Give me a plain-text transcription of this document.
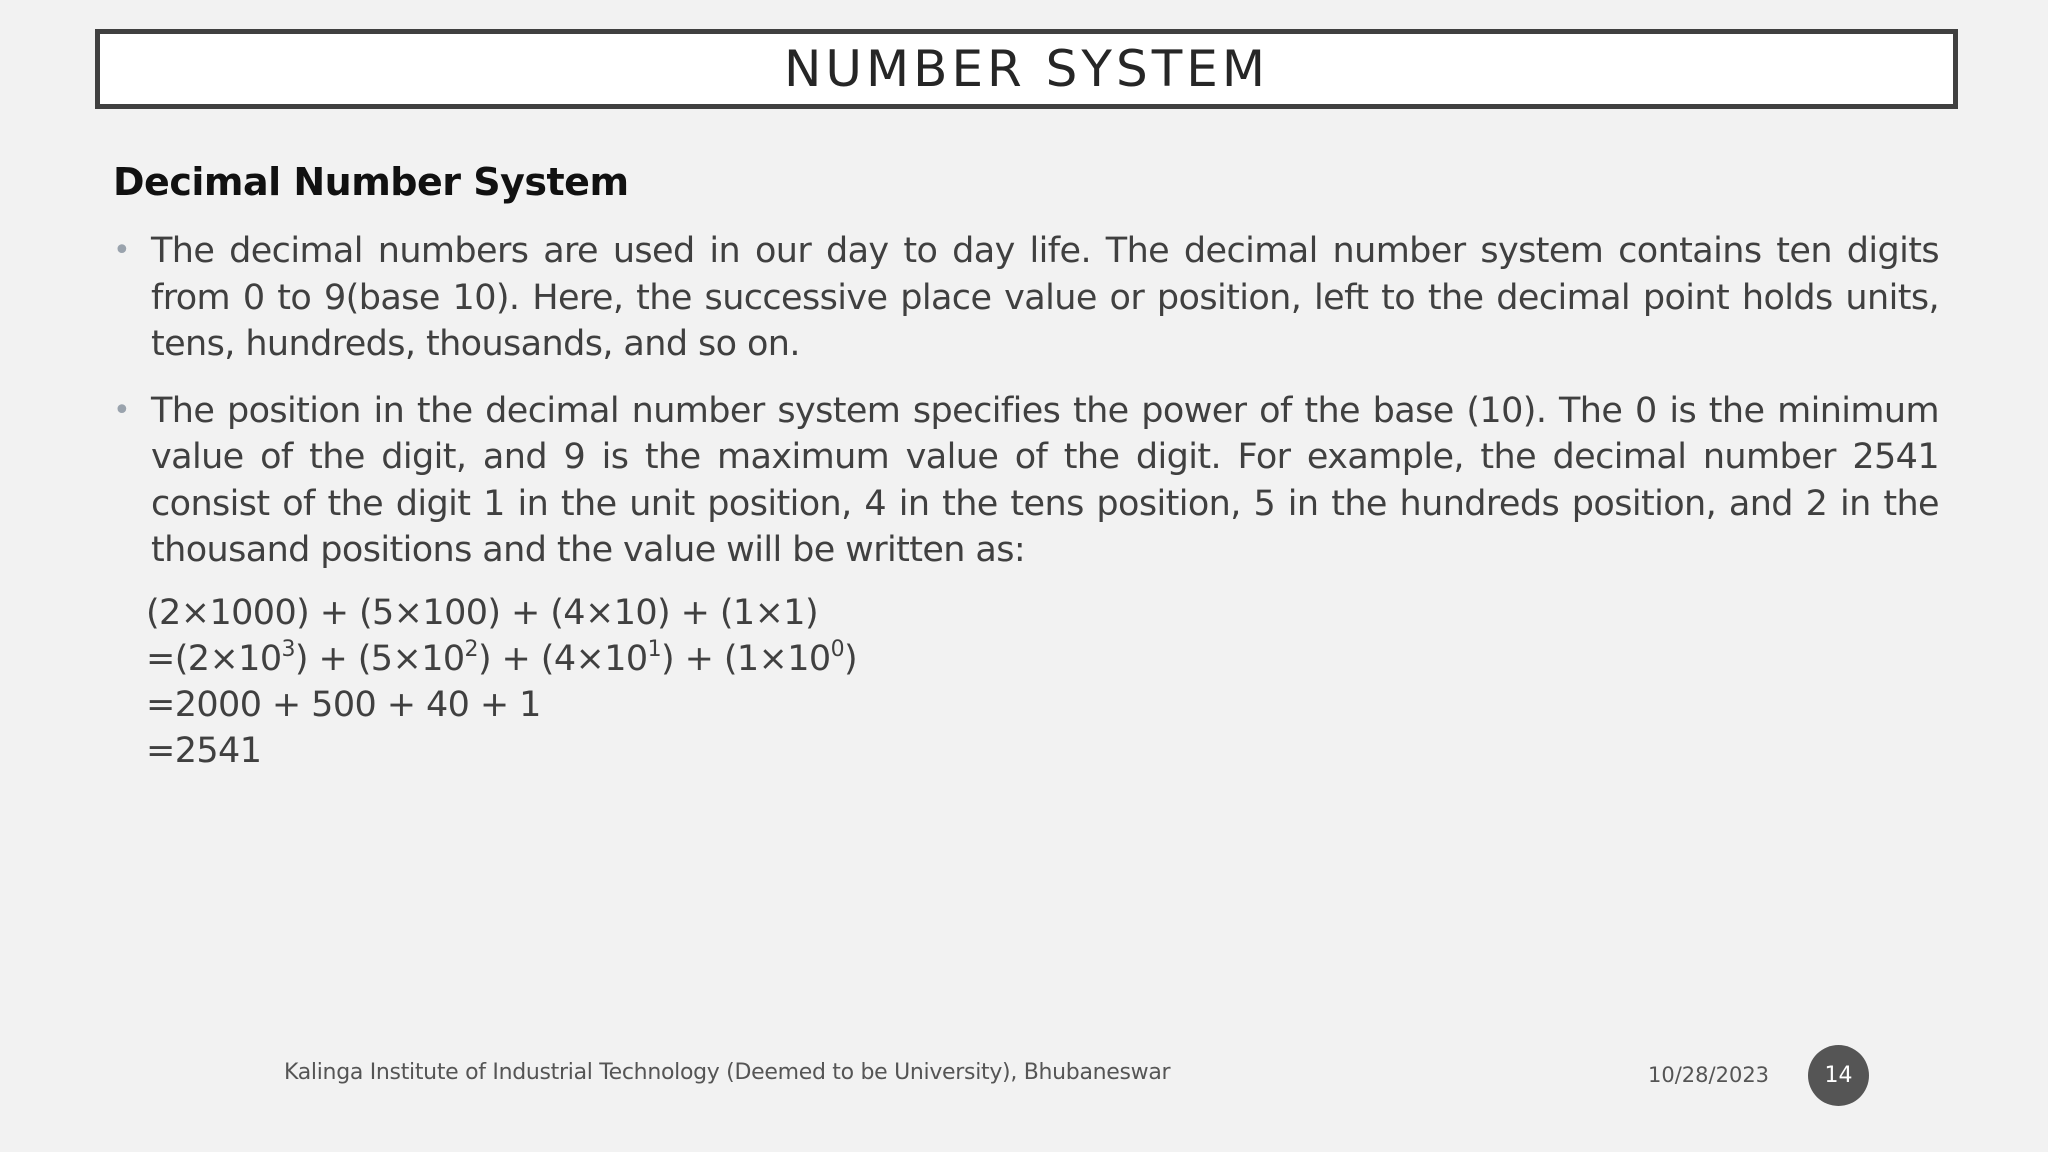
NUMBER SYSTEM
Decimal Number System
• The decimal numbers are used in our day to day life. The decimal number system contains ten digits from 0 to 9(base 10). Here, the successive place value or position, left to the decimal point holds units, tens, hundreds, thousands, and so on.
• The position in the decimal number system specifies the power of the base (10). The 0 is the minimum value of the digit, and 9 is the maximum value of the digit. For example, the decimal number 2541 consist of the digit 1 in the unit position, 4 in the tens position, 5 in the hundreds position, and 2 in the thousand positions and the value will be written as:
(2×1000) + (5×100) + (4×10) + (1×1)
$=(2\times 10^3) + (5\times 10^2) + (4\times 10^1) + (1\times 10^0)$
=2000 + 500 + 40 + 1
=2541
Kalinga Institute of Industrial Technology (Deemed to be University), Bhubaneswar	10/28/2023	14
